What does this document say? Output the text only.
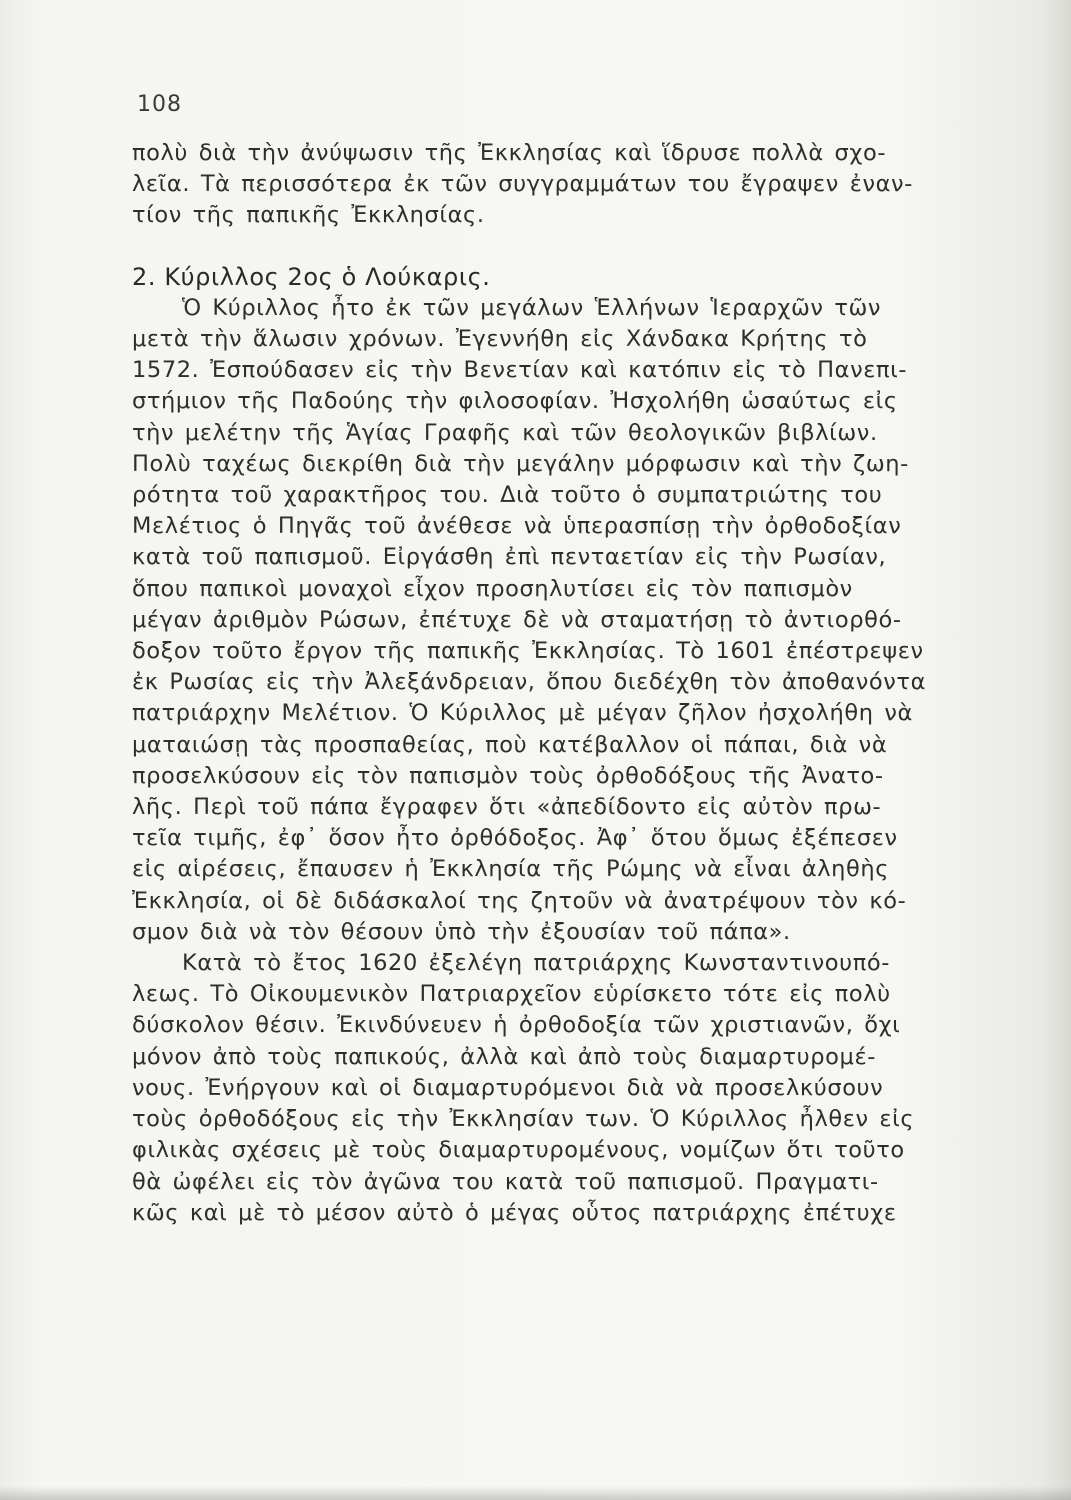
108
πολὺ διὰ τὴν ἀνύψωσιν τῆς Ἐκκλησίας καὶ ἵδρυσε πολλὰ σχο-
λεῖα. Τὰ περισσότερα ἐκ τῶν συγγραμμάτων του ἔγραψεν ἐναν-
τίον τῆς παπικῆς Ἐκκλησίας.
2. Κύριλλος 2ος ὁ Λούκαρις.
Ὁ Κύριλλος ἦτο ἐκ τῶν μεγάλων Ἑλλήνων Ἱεραρχῶν τῶν
μετὰ τὴν ἅλωσιν χρόνων. Ἐγεννήθη εἰς Χάνδακα Κρήτης τὸ
1572. Ἐσπούδασεν εἰς τὴν Βενετίαν καὶ κατόπιν εἰς τὸ Πανεπι-
στήμιον τῆς Παδούης τὴν φιλοσοφίαν. Ἠσχολήθη ὡσαύτως εἰς
τὴν μελέτην τῆς Ἁγίας Γραφῆς καὶ τῶν θεολογικῶν βιβλίων.
Πολὺ ταχέως διεκρίθη διὰ τὴν μεγάλην μόρφωσιν καὶ τὴν ζωη-
ρότητα τοῦ χαρακτῆρος του. Διὰ τοῦτο ὁ συμπατριώτης του
Μελέτιος ὁ Πηγᾶς τοῦ ἀνέθεσε νὰ ὑπερασπίσῃ τὴν ὀρθοδοξίαν
κατὰ τοῦ παπισμοῦ. Εἰργάσθη ἐπὶ πενταετίαν εἰς τὴν Ρωσίαν,
ὅπου παπικοὶ μοναχοὶ εἶχον προσηλυτίσει εἰς τὸν παπισμὸν
μέγαν ἀριθμὸν Ρώσων, ἐπέτυχε δὲ νὰ σταματήσῃ τὸ ἀντιορθό-
δοξον τοῦτο ἔργον τῆς παπικῆς Ἐκκλησίας. Τὸ 1601 ἐπέστρεψεν
ἐκ Ρωσίας εἰς τὴν Ἀλεξάνδρειαν, ὅπου διεδέχθη τὸν ἀποθανόντα
πατριάρχην Μελέτιον. Ὁ Κύριλλος μὲ μέγαν ζῆλον ἠσχολήθη νὰ
ματαιώσῃ τὰς προσπαθείας, ποὺ κατέβαλλον οἱ πάπαι, διὰ νὰ
προσελκύσουν εἰς τὸν παπισμὸν τοὺς ὀρθοδόξους τῆς Ἀνατο-
λῆς. Περὶ τοῦ πάπα ἔγραφεν ὅτι «ἀπεδίδοντο εἰς αὐτὸν πρω-
τεῖα τιμῆς, ἐφ᾽ ὅσον ἦτο ὀρθόδοξος. Ἀφ᾽ ὅτου ὅμως ἐξέπεσεν
εἰς αἱρέσεις, ἔπαυσεν ἡ Ἐκκλησία τῆς Ρώμης νὰ εἶναι ἀληθὴς
Ἐκκλησία, οἱ δὲ διδάσκαλοί της ζητοῦν νὰ ἀνατρέψουν τὸν κό-
σμον διὰ νὰ τὸν θέσουν ὑπὸ τὴν ἐξουσίαν τοῦ πάπα».
Κατὰ τὸ ἔτος 1620 ἐξελέγη πατριάρχης Κωνσταντινουπό-
λεως. Τὸ Οἰκουμενικὸν Πατριαρχεῖον εὑρίσκετο τότε εἰς πολὺ
δύσκολον θέσιν. Ἐκινδύνευεν ἡ ὀρθοδοξία τῶν χριστιανῶν, ὄχι
μόνον ἀπὸ τοὺς παπικούς, ἀλλὰ καὶ ἀπὸ τοὺς διαμαρτυρομέ-
νους. Ἐνήργουν καὶ οἱ διαμαρτυρόμενοι διὰ νὰ προσελκύσουν
τοὺς ὀρθοδόξους εἰς τὴν Ἐκκλησίαν των. Ὁ Κύριλλος ἦλθεν εἰς
φιλικὰς σχέσεις μὲ τοὺς διαμαρτυρομένους, νομίζων ὅτι τοῦτο
θὰ ὠφέλει εἰς τὸν ἀγῶνα του κατὰ τοῦ παπισμοῦ. Πραγματι-
κῶς καὶ μὲ τὸ μέσον αὐτὸ ὁ μέγας οὗτος πατριάρχης ἐπέτυχε
